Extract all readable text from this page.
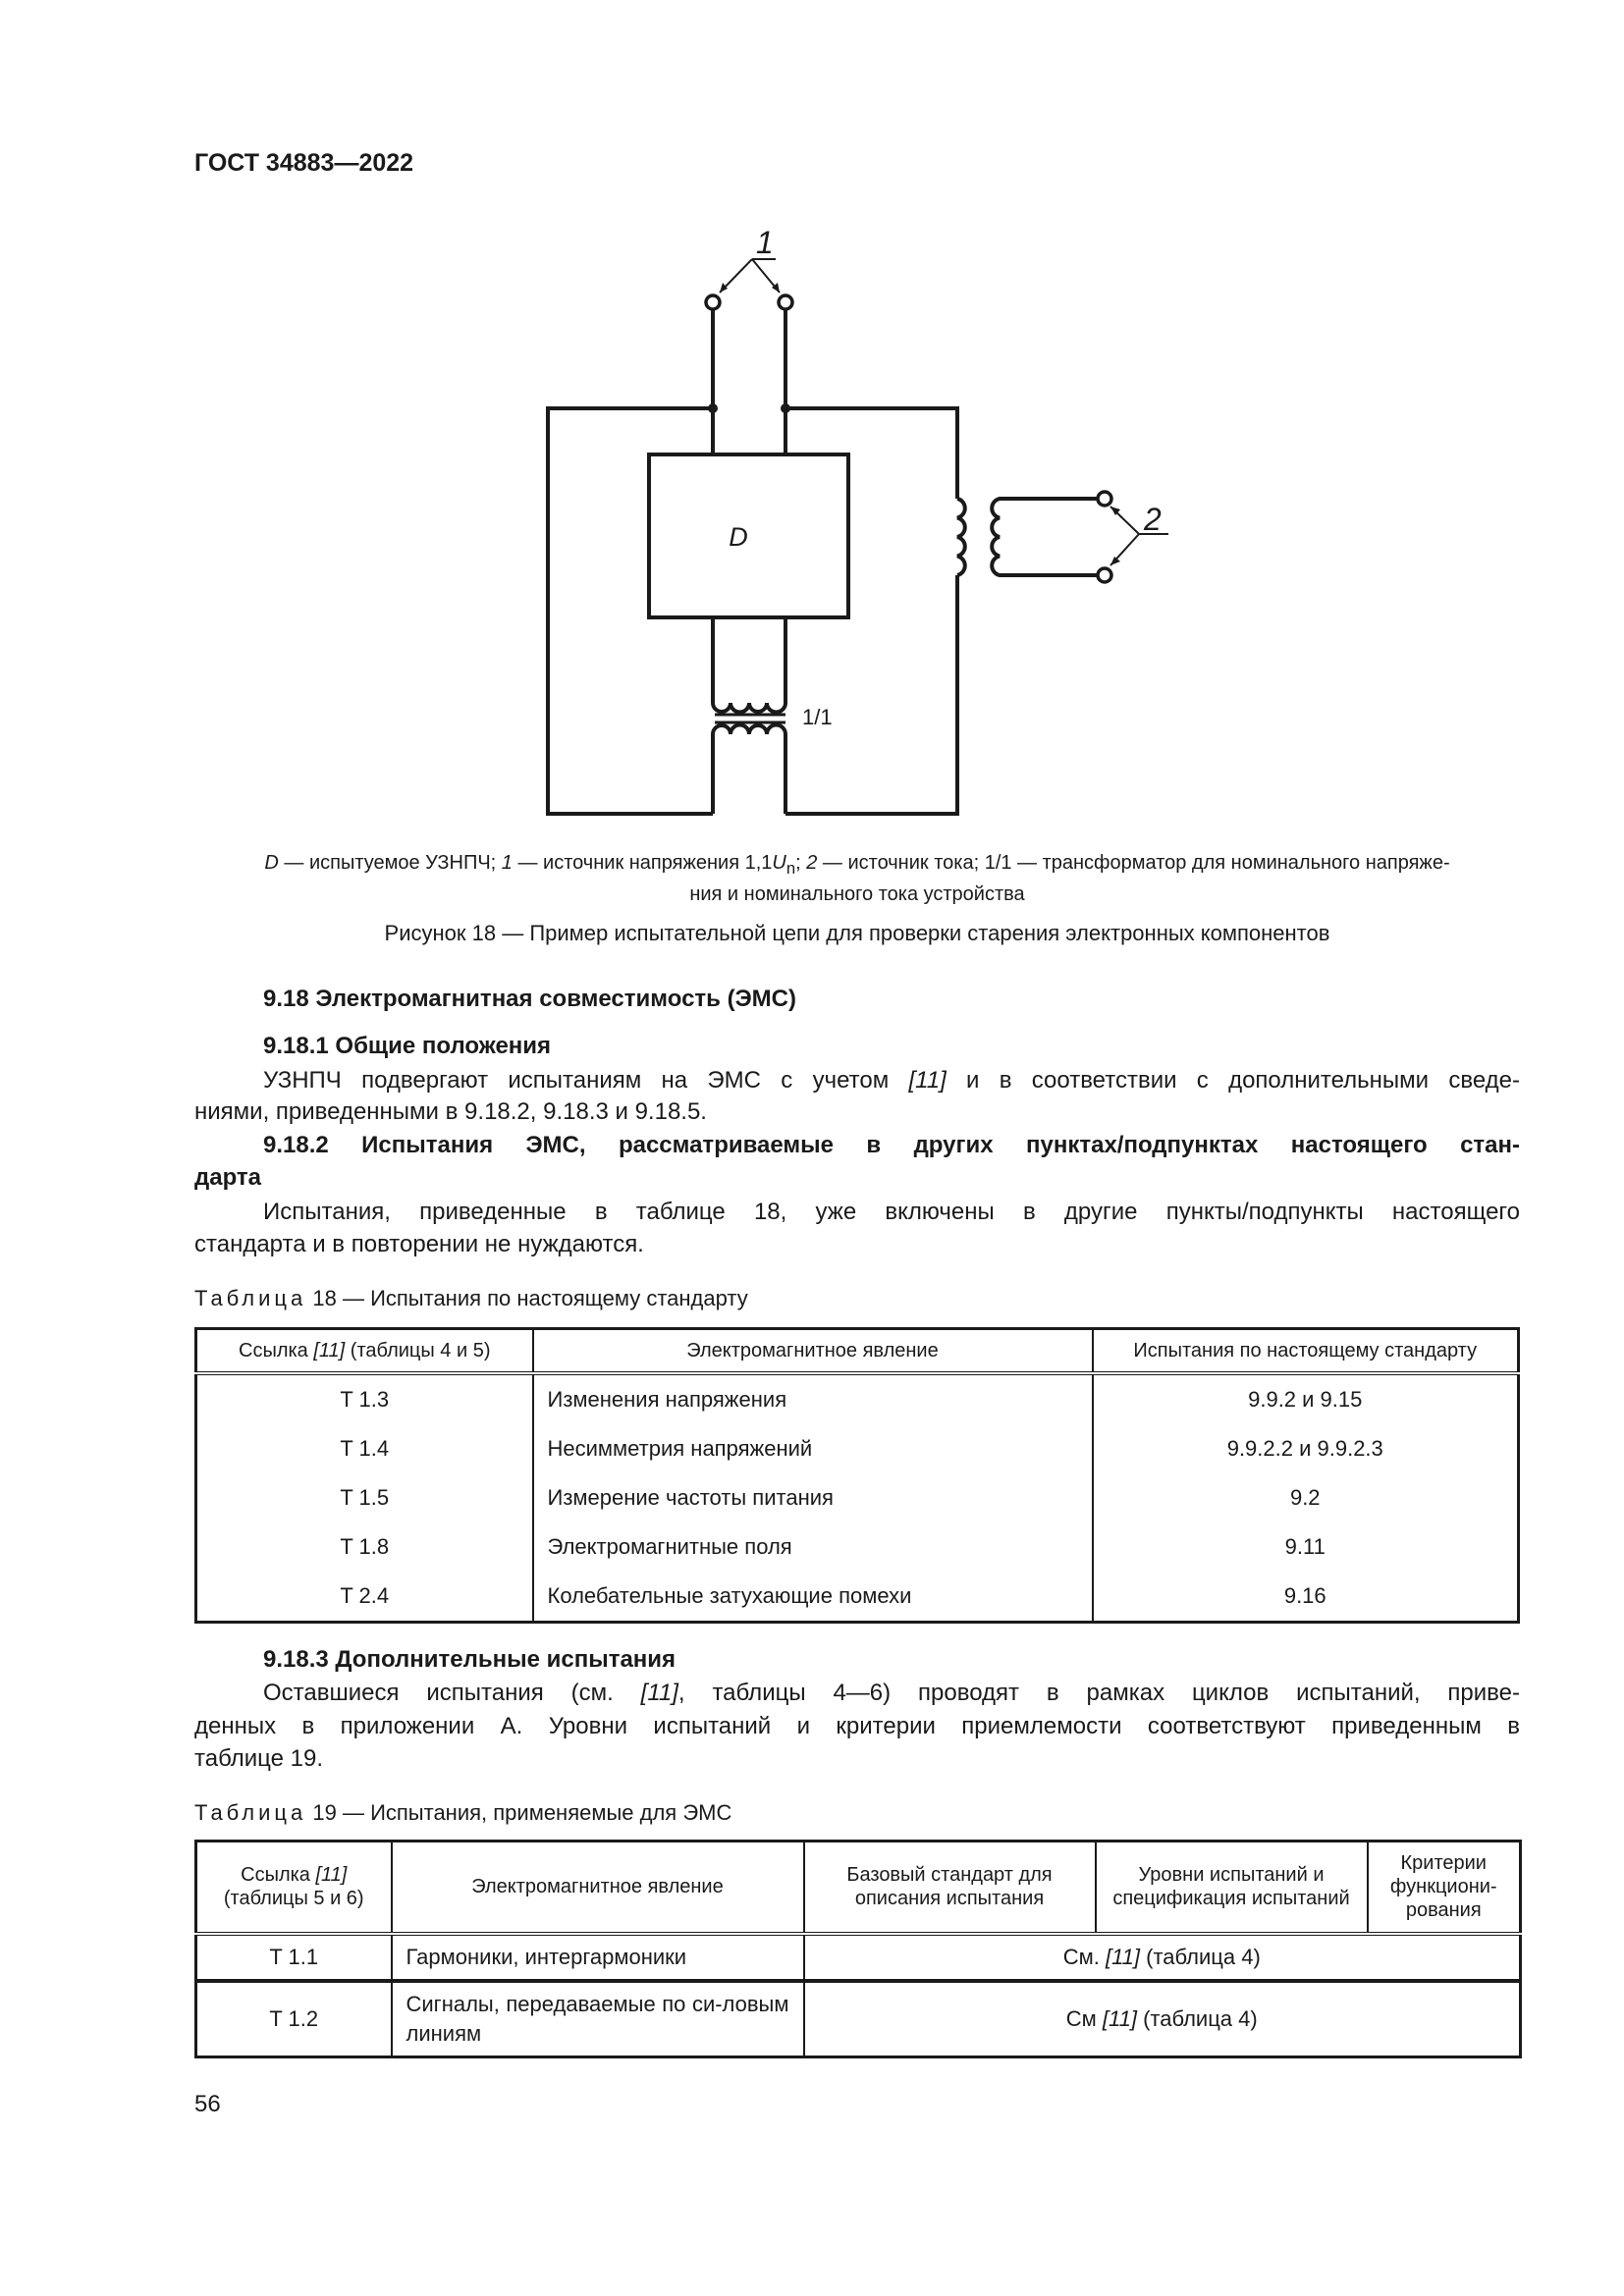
ГОСТ 34883—2022
D
1
2
1/1
D — испытуемое УЗНПЧ; 1 — источник напряжения $1,1U_n$; 2 — источник тока; 1/1 — трансформатор для номинального напряже-
ния и номинального тока устройства
Рисунок 18 — Пример испытательной цепи для проверки старения электронных компонентов
9.18 Электромагнитная совместимость (ЭМС)
9.18.1 Общие положения
УЗНПЧ подвергают испытаниям на ЭМС с учетом [11] и в соответствии с дополнительными сведе-
ниями, приведенными в 9.18.2, 9.18.3 и 9.18.5.
9.18.2 Испытания ЭМС, рассматриваемые в других пунктах/подпунктах настоящего стан-
дарта
Испытания, приведенные в таблице 18, уже включены в другие пункты/подпункты настоящего
стандарта и в повторении не нуждаются.
Таблица 18 — Испытания по настоящему стандарту
Ссылка [11] (таблицы 4 и 5)	Электромагнитное явление	Испытания по настоящему стандарту
T 1.3	Изменения напряжения	9.9.2 и 9.15
T 1.4	Несимметрия напряжений	9.9.2.2 и 9.9.2.3
T 1.5	Измерение частоты питания	9.2
T 1.8	Электромагнитные поля	9.11
T 2.4	Колебательные затухающие помехи	9.16
9.18.3 Дополнительные испытания
Оставшиеся испытания (см. [11], таблицы 4—6) проводят в рамках циклов испытаний, приве-
денных в приложении А. Уровни испытаний и критерии приемлемости соответствуют приведенным в
таблице 19.
Таблица 19 — Испытания, применяемые для ЭМС
Ссылка [11]
(таблицы 5 и 6)	Электромагнитное явление	Базовый стандарт для описания испытания	Уровни испытаний и спецификация испытаний	Критерии функциони-рования
T 1.1	Гармоники, интергармоники	См. [11] (таблица 4)		
T 1.2	Сигналы, передаваемые по си-ловым линиям	См [11] (таблица 4)		
56
